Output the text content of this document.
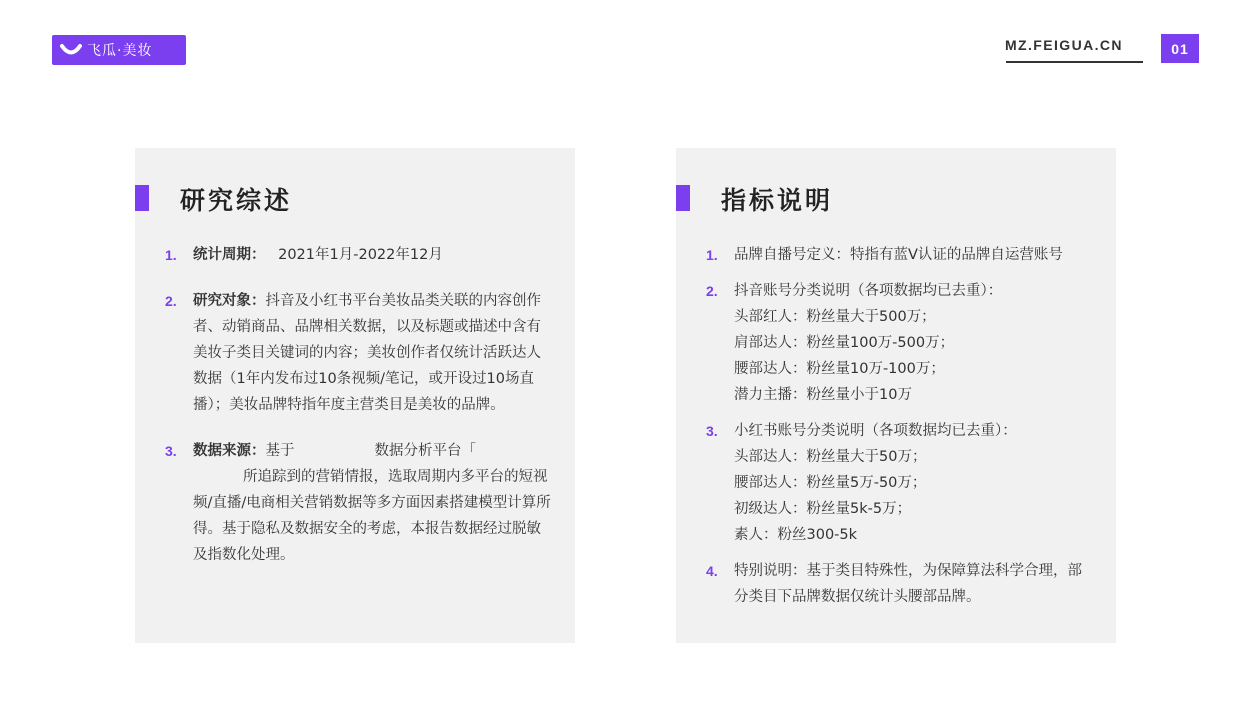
飞瓜·美妆	MZ.FEIGUA.CN	01
研究综述
1. 统计周期： 2021年1月-2022年12月
2. 研究对象：抖音及小红书平台美妆品类关联的内容创作者、动销商品、品牌相关数据，以及标题或描述中含有美妆子类目关键词的内容；美妆创作者仅统计活跃达人数据（1年内发布过10条视频/笔记，或开设过10场直播）；美妆品牌特指年度主营类目是美妆的品牌。
3. 数据来源：基于	数据分析平台「
所追踪到的营销情报，选取周期内多平台的短视频/直播/电商相关营销数据等多方面因素搭建模型计算所得。基于隐私及数据安全的考虑，本报告数据经过脱敏及指数化处理。
指标说明
1. 品牌自播号定义：特指有蓝V认证的品牌自运营账号
2. 抖音账号分类说明（各项数据均已去重）：
头部红人：粉丝量大于500万；
肩部达人：粉丝量100万-500万；
腰部达人：粉丝量10万-100万；
潜力主播：粉丝量小于10万
3. 小红书账号分类说明（各项数据均已去重）：
头部达人：粉丝量大于50万；
腰部达人：粉丝量5万-50万；
初级达人：粉丝量5k-5万；
素人：粉丝300-5k
4. 特别说明：基于类目特殊性，为保障算法科学合理，部分类目下品牌数据仅统计头腰部品牌。
